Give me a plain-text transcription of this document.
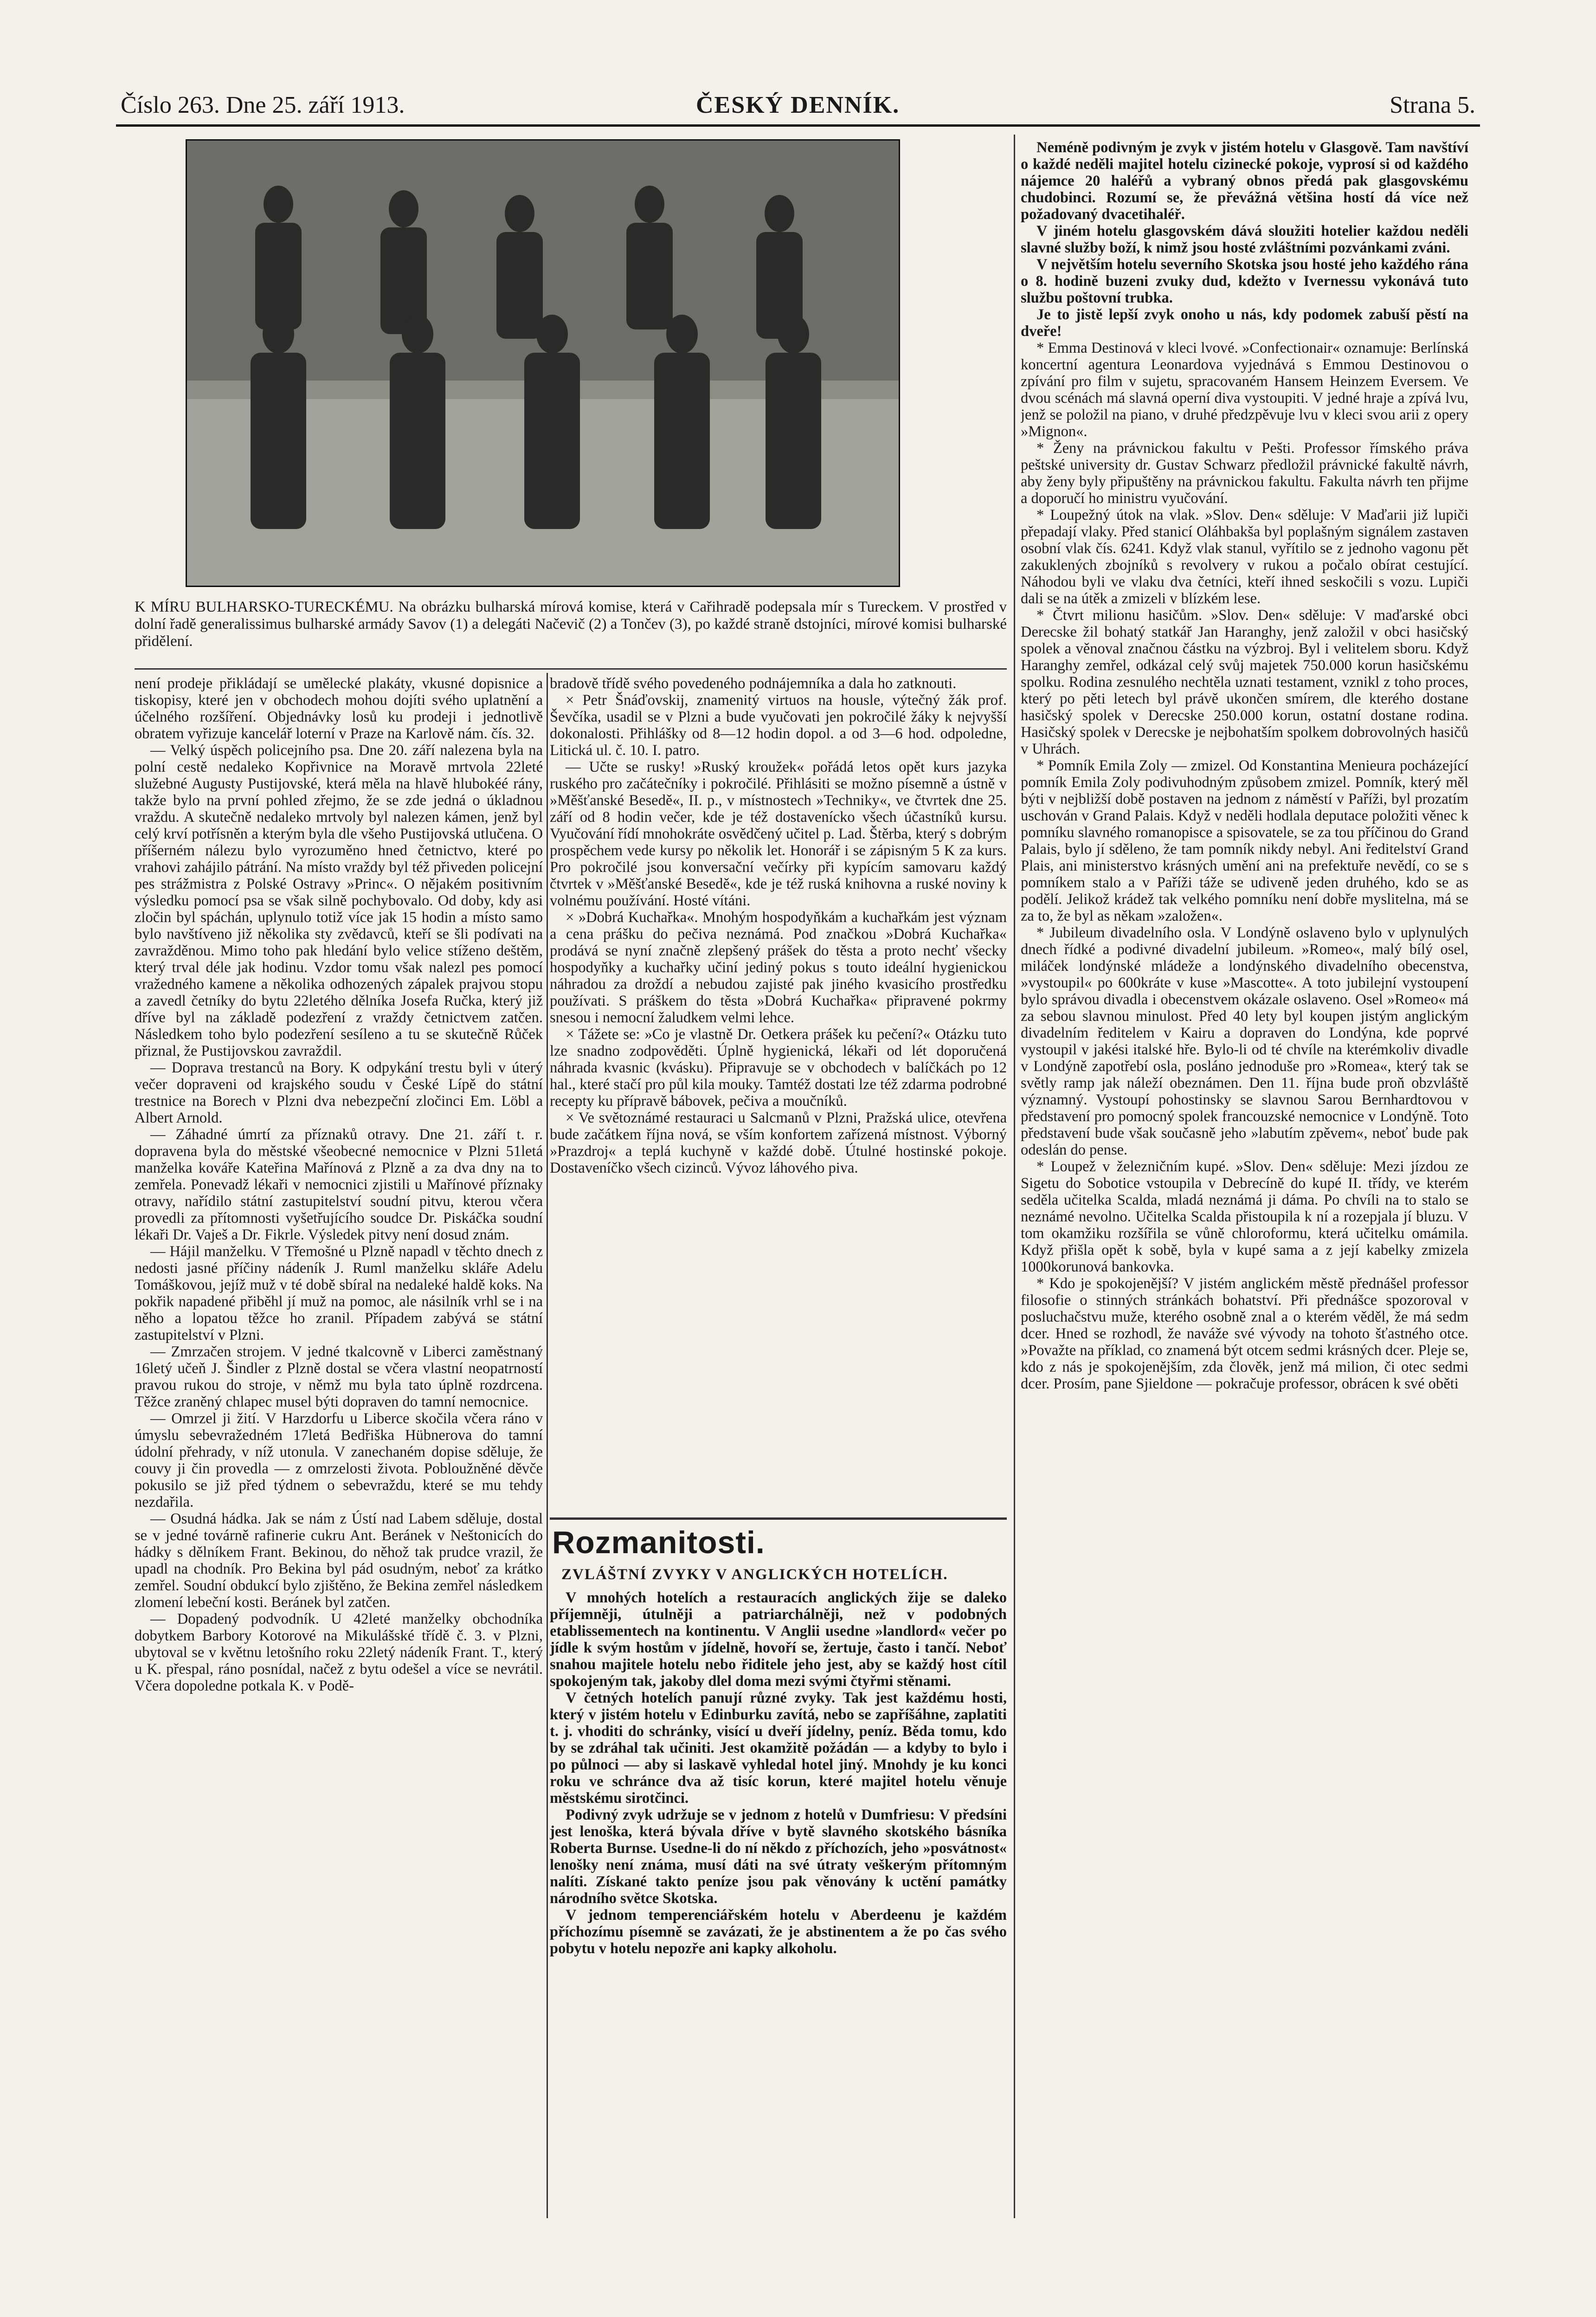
Číslo 263. Dne 25. září 1913.	ČESKÝ DENNÍK.	Strana 5.
K MÍRU BULHARSKO-TURECKÉMU. Na obrázku bulharská mírová komise, která v Cařihradě podepsala mír s Tureckem. V prostřed v dolní řadě generalissimus bulharské armády Savov (1) a delegáti Načevič (2) a Tončev (3), po každé straně dstojníci, mírové komisi bulharské přidělení.

není prodeje přikládají se umělecké plakáty, vkusné dopisnice a tiskopisy, které jen v obchodech mohou dojíti svého uplatnění a účelného rozšíření. Objednávky losů ku prodeji i jednotlivě obratem vyřizuje kancelář loterní v Praze na Karlově nám. čís. 32.

— Velký úspěch policejního psa. Dne 20. září nalezena byla na polní cestě nedaleko Kopřivnice na Moravě mrtvola 22leté služebné Augusty Pustijovské, která měla na hlavě hlubokéé rány, takže bylo na první pohled zřejmo, že se zde jedná o úkladnou vraždu. A skutečně nedaleko mrtvoly byl nalezen kámen, jenž byl celý krví potřísněn a kterým byla dle všeho Pustijovská utlučena. O příšerném nálezu bylo vyrozuměno hned četnictvo, které po vrahovi zahájilo pátrání. Na místo vraždy byl též přiveden policejní pes strážmistra z Polské Ostravy »Princ«. O nějakém positivním výsledku pomocí psa se však silně pochybovalo. Od doby, kdy asi zločin byl spáchán, uplynulo totiž více jak 15 hodin a místo samo bylo navštíveno již několika sty zvědavců, kteří se šli podívati na zavražděnou. Mimo toho pak hledání bylo velice stíženo deštěm, který trval déle jak hodinu. Vzdor tomu však nalezl pes pomocí vražedného kamene a několika odhozených zápalek prajvou stopu a zavedl četníky do bytu 22letého dělníka Josefa Ručka, který již dříve byl na základě podezření z vraždy četnictvem zatčen. Následkem toho bylo podezření sesíleno a tu se skutečně Růček přiznal, že Pustijovskou zavraždil.

— Doprava trestanců na Bory. K odpykání trestu byli v úterý večer dopraveni od krajského soudu v České Lípě do státní trestnice na Borech v Plzni dva nebezpeční zločinci Em. Löbl a Albert Arnold.

— Záhadné úmrtí za příznaků otravy. Dne 21. září t. r. dopravena byla do městské všeobecné nemocnice v Plzni 51letá manželka kováře Kateřina Mařínová z Plzně a za dva dny na to zemřela. Ponevadž lékaři v nemocnici zjistili u Mařínové příznaky otravy, nařídilo státní zastupitelství soudní pitvu, kterou včera provedli za přítomnosti vyšetřujícího soudce Dr. Piskáčka soudní lékaři Dr. Vaješ a Dr. Fikrle. Výsledek pitvy není dosud znám.

— Hájil manželku. V Třemošné u Plzně napadl v těchto dnech z nedosti jasné příčiny nádeník J. Ruml manželku skláře Adelu Tomáškovou, jejíž muž v té době sbíral na nedaleké haldě koks. Na pokřik napadené přiběhl jí muž na pomoc, ale násilník vrhl se i na něho a lopatou těžce ho zranil. Případem zabývá se státní zastupitelství v Plzni.

— Zmrzačen strojem. V jedné tkalcovně v Liberci zaměstnaný 16letý učeň J. Šindler z Plzně dostal se včera vlastní neopatrností pravou rukou do stroje, v němž mu byla tato úplně rozdrcena. Těžce zraněný chlapec musel býti dopraven do tamní nemocnice.

— Omrzel ji žití. V Harzdorfu u Liberce skočila včera ráno v úmyslu sebevražedném 17letá Bedřiška Hübnerova do tamní údolní přehrady, v níž utonula. V zanechaném dopise sděluje, že couvy ji čin provedla — z omrzelosti života. Pobloužněné děvče pokusilo se již před týdnem o sebevraždu, které se mu tehdy nezdařila.

— Osudná hádka. Jak se nám z Ústí nad Labem sděluje, dostal se v jedné továrně rafinerie cukru Ant. Beránek v Neštonicích do hádky s dělníkem Frant. Bekinou, do něhož tak prudce vrazil, že upadl na chodník. Pro Bekina byl pád osudným, neboť za krátko zemřel. Soudní obdukcí bylo zjištěno, že Bekina zemřel následkem zlomení lebeční kosti. Beránek byl zatčen.

— Dopadený podvodník. U 42leté manželky obchodníka dobytkem Barbory Kotorové na Mikulášské třídě č. 3. v Plzni, ubytoval se v květnu letošního roku 22letý nádeník Frant. T., který u K. přespal, ráno posnídal, načež z bytu odešel a více se nevrátil. Včera dopoledne potkala K. v Podě-

bradově třídě svého povedeného podnájemníka a dala ho zatknouti.

× Petr Šnáďovskij, znamenitý virtuos na housle, výtečný žák prof. Ševčíka, usadil se v Plzni a bude vyučovati jen pokročilé žáky k nejvyšší dokonalosti. Přihlášky od 8—12 hodin dopol. a od 3—6 hod. odpoledne, Litická ul. č. 10. I. patro.

— Učte se rusky! »Ruský kroužek« pořádá letos opět kurs jazyka ruského pro začátečníky i pokročilé. Přihlásiti se možno písemně a ústně v »Měšťanské Besedě«, II. p., v místnostech »Techniky«, ve čtvrtek dne 25. září od 8 hodin večer, kde je též dostavenícko všech účastníků kursu. Vyučování řídí mnohokráte osvědčený učitel p. Lad. Štěrba, který s dobrým prospěchem vede kursy po několik let. Honorář i se zápisným 5 K za kurs. Pro pokročilé jsou konversační večírky při kypícím samovaru každý čtvrtek v »Měšťanské Besedě«, kde je též ruská knihovna a ruské noviny k volnému používání. Hosté vítáni.

× »Dobrá Kuchařka«. Mnohým hospodyňkám a kuchařkám jest význam a cena prášku do pečiva neznámá. Pod značkou »Dobrá Kuchařka« prodává se nyní značně zlepšený prášek do těsta a proto nechť všecky hospodyňky a kuchařky učiní jediný pokus s touto ideální hygienickou náhradou za droždí a nebudou zajisté pak jiného kvasicího prostředku používati. S práškem do těsta »Dobrá Kuchařka« připravené pokrmy snesou i nemocní žaludkem velmi lehce.

× Tážete se: »Co je vlastně Dr. Oetkera prášek ku pečení?« Otázku tuto lze snadno zodpověděti. Úplně hygienická, lékaři od lét doporučená náhrada kvasnic (kvásku). Připravuje se v obchodech v balíčkách po 12 hal., které stačí pro půl kila mouky. Tamtéž dostati lze též zdarma podrobné recepty ku přípravě bábovek, pečiva a moučníků.

× Ve světoznámé restauraci u Salcmanů v Plzni, Pražská ulice, otevřena bude začátkem října nová, se vším konfortem zařízená místnost. Výborný »Prazdroj« a teplá kuchyně v každé době. Útulné hostinské pokoje. Dostaveníčko všech cizinců. Vývoz láhového piva.

Rozmanitosti.
ZVLÁŠTNÍ ZVYKY V ANGLICKÝCH HOTELÍCH.

V mnohých hotelích a restauracích anglických žije se daleko příjemněji, útulněji a patriarchálněji, než v podobných etablissementech na kontinentu. V Anglii usedne »landlord« večer po jídle k svým hostům v jídelně, hovoří se, žertuje, často i tančí. Neboť snahou majitele hotelu nebo řiditele jeho jest, aby se každý host cítil spokojeným tak, jakoby dlel doma mezi svými čtyřmi stěnami.

V četných hotelích panují různé zvyky. Tak jest každému hosti, který v jistém hotelu v Edinburku zavítá, nebo se zapříšáhne, zaplatiti t. j. vhoditi do schránky, visící u dveří jídelny, peníz. Běda tomu, kdo by se zdráhal tak učiniti. Jest okamžitě požádán — a kdyby to bylo i po půlnoci — aby si laskavě vyhledal hotel jiný. Mnohdy je ku konci roku ve schránce dva až tisíc korun, které majitel hotelu věnuje městskému sirotčinci.

Podivný zvyk udržuje se v jednom z hotelů v Dumfriesu: V předsíni jest lenoška, která bývala dříve v bytě slavného skotského básníka Roberta Burnse. Usedne-li do ní někdo z příchozích, jeho »posvátnost« lenošky není známa, musí dáti na své útraty veškerým přítomným nalíti. Získané takto peníze jsou pak věnovány k uctění památky národního světce Skotska.

V jednom temperenciářském hotelu v Aberdeenu je každém příchozímu písemně se zavázati, že je abstinentem a že po čas svého pobytu v hotelu nepozře ani kapky alkoholu.

Neméně podivným je zvyk v jistém hotelu v Glasgově. Tam navštíví o každé neděli majitel hotelu cizinecké pokoje, vyprosí si od každého nájemce 20 haléřů a vybraný obnos předá pak glasgovskému chudobinci. Rozumí se, že převážná většina hostí dá více než požadovaný dvacetihaléř.

V jiném hotelu glasgovském dává sloužiti hotelier každou neděli slavné služby boží, k nimž jsou hosté zvláštními pozvánkami zváni.

V největším hotelu severního Skotska jsou hosté jeho každého rána o 8. hodině buzeni zvuky dud, kdežto v Ivernessu vykonává tuto službu poštovní trubka.

Je to jistě lepší zvyk onoho u nás, kdy podomek zabuší pěstí na dveře!

* Emma Destinová v kleci lvové. »Confectionair« oznamuje: Berlínská koncertní agentura Leonardova vyjednává s Emmou Destinovou o zpívání pro film v sujetu, spracovaném Hansem Heinzem Eversem. Ve dvou scénách má slavná operní diva vystoupiti. V jedné hraje a zpívá lvu, jenž se položil na piano, v druhé předzpěvuje lvu v kleci svou arii z opery »Mignon«.

* Ženy na právnickou fakultu v Pešti. Professor římského práva peštské university dr. Gustav Schwarz předložil právnické fakultě návrh, aby ženy byly připuštěny na právnickou fakultu. Fakulta návrh ten přijme a doporučí ho ministru vyučování.

* Loupežný útok na vlak. »Slov. Den« sděluje: V Maďarii již lupiči přepadají vlaky. Před stanicí Oláhbakša byl poplašným signálem zastaven osobní vlak čís. 6241. Když vlak stanul, vyřítilo se z jednoho vagonu pět zakuklených zbojníků s revolvery v rukou a počalo obírat cestující. Náhodou byli ve vlaku dva četníci, kteří ihned seskočili s vozu. Lupiči dali se na útěk a zmizeli v blízkém lese.

* Čtvrt milionu hasičům. »Slov. Den« sděluje: V maďarské obci Derecske žil bohatý statkář Jan Haranghy, jenž založil v obci hasičský spolek a věnoval značnou částku na výzbroj. Byl i velitelem sboru. Když Haranghy zemřel, odkázal celý svůj majetek 750.000 korun hasičskému spolku. Rodina zesnulého nechtěla uznati testament, vznikl z toho proces, který po pěti letech byl právě ukončen smírem, dle kterého dostane hasičský spolek v Derecske 250.000 korun, ostatní dostane rodina. Hasičský spolek v Derecske je nejbohatším spolkem dobrovolných hasičů v Uhrách.

* Pomník Emila Zoly — zmizel. Od Konstantina Menieura pocházející pomník Emila Zoly podivuhodným způsobem zmizel. Pomník, který měl býti v nejbližší době postaven na jednom z náměstí v Paříži, byl prozatím uschován v Grand Palais. Když v neděli hodlala deputace položiti věnec k pomníku slavného romanopisce a spisovatele, se za tou příčinou do Grand Palais, bylo jí sděleno, že tam pomník nikdy nebyl. Ani ředitelství Grand Plais, ani ministerstvo krásných umění ani na prefektuře nevědí, co se s pomníkem stalo a v Paříži táže se udiveně jeden druhého, kdo se as podělí. Jelikož krádež tak velkého pomníku není dobře myslitelna, má se za to, že byl as někam »založen«.

* Jubileum divadelního osla. V Londýně oslaveno bylo v uplynulých dnech řídké a podivné divadelní jubileum. »Romeo«, malý bílý osel, miláček londýnské mládeže a londýnského divadelního obecenstva, »vystoupil« po 600kráte v kuse »Mascotte«. A toto jubilejní vystoupení bylo správou divadla i obecenstvem okázale oslaveno. Osel »Romeo« má za sebou slavnou minulost. Před 40 lety byl koupen jistým anglickým divadelním ředitelem v Kairu a dopraven do Londýna, kde poprvé vystoupil v jakési italské hře. Bylo-li od té chvíle na kterémkoliv divadle v Londýně zapotřebí osla, posláno jednoduše pro »Romea«, který tak se světly ramp jak náleží obeznámen. Den 11. října bude proň obzvláště významný. Vystoupí pohostinsky se slavnou Sarou Bernhardtovou v představení pro pomocný spolek francouzské nemocnice v Londýně. Toto představení bude však současně jeho »labutím zpěvem«, neboť bude pak odeslán do pense.

* Loupež v železničním kupé. »Slov. Den« sděluje: Mezi jízdou ze Sigetu do Sobotice vstoupila v Debrecíně do kupé II. třídy, ve kterém seděla učitelka Scalda, mladá neznámá ji dáma. Po chvíli na to stalo se neznámé nevolno. Učitelka Scalda přistoupila k ní a rozepjala jí bluzu. V tom okamžiku rozšířila se vůně chloroformu, která učitelku omámila. Když přišla opět k sobě, byla v kupé sama a z její kabelky zmizela 1000korunová bankovka.

* Kdo je spokojenější? V jistém anglickém městě přednášel professor filosofie o stinných stránkách bohatství. Při přednášce spozoroval v posluchačstvu muže, kterého osobně znal a o kterém věděl, že má sedm dcer. Hned se rozhodl, že naváže své vývody na tohoto šťastného otce. »Považte na příklad, co znamená být otcem sedmi krásných dcer. Pleje se, kdo z nás je spokojenějším, zda člověk, jenž má milion, či otec sedmi dcer. Prosím, pane Sjieldone — pokračuje professor, obrácen k své oběti
